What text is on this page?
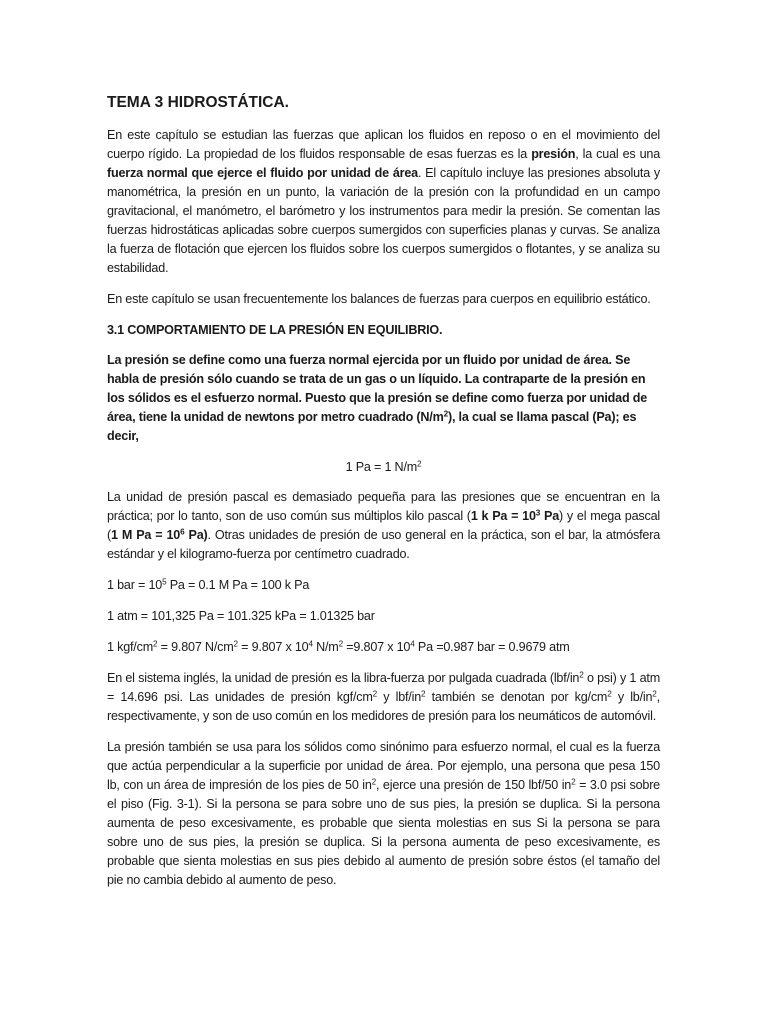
TEMA 3 HIDROSTÁTICA.

En este capítulo se estudian las fuerzas que aplican los fluidos en reposo o en el movimiento del cuerpo rígido. La propiedad de los fluidos responsable de esas fuerzas es la presión, la cual es una fuerza normal que ejerce el fluido por unidad de área. El capítulo incluye las presiones absoluta y manométrica, la presión en un punto, la variación de la presión con la profundidad en un campo gravitacional, el manómetro, el barómetro y los instrumentos para medir la presión. Se comentan las fuerzas hidrostáticas aplicadas sobre cuerpos sumergidos con superficies planas y curvas. Se analiza la fuerza de flotación que ejercen los fluidos sobre los cuerpos sumergidos o flotantes, y se analiza su estabilidad.

En este capítulo se usan frecuentemente los balances de fuerzas para cuerpos en equilibrio estático.

3.1 COMPORTAMIENTO DE LA PRESIÓN EN EQUILIBRIO.

La presión se define como una fuerza normal ejercida por un fluido por unidad de área. Se habla de presión sólo cuando se trata de un gas o un líquido. La contraparte de la presión en los sólidos es el esfuerzo normal. Puesto que la presión se define como fuerza por unidad de área, tiene la unidad de newtons por metro cuadrado $(N/m^2)$, la cual se llama pascal (Pa); es decir,

1 Pa = 1 $N/m^2$

La unidad de presión pascal es demasiado pequeña para las presiones que se encuentran en la práctica; por lo tanto, son de uso común sus múltiplos kilo pascal (1 k $Pa = 10^3$ Pa) y el mega pascal (1 M $Pa = 10^6$ Pa). Otras unidades de presión de uso general en la práctica, son el bar, la atmósfera estándar y el kilogramo-fuerza por centímetro cuadrado.

1 bar = $10^5$ Pa = 0.1 M Pa = 100 k Pa

1 atm = 101,325 Pa = 101.325 kPa = 1.01325 bar

1 kgf/$cm^2 = 9.807$ $N/cm^2 = 9.807$ x $10^4$ $N/m^2 =9.807$ x $10^4$ Pa =0.987 bar = 0.9679 atm

En el sistema inglés, la unidad de presión es la libra-fuerza por pulgada cuadrada ($lbf/in^2$ o psi) y 1 atm = 14.696 psi. Las unidades de presión kgf/$cm^2$ y lbf/$in^2$ también se denotan por $kg/cm^2$ y $lb/in^2$, respectivamente, y son de uso común en los medidores de presión para los neumáticos de automóvil.

La presión también se usa para los sólidos como sinónimo para esfuerzo normal, el cual es la fuerza que actúa perpendicular a la superficie por unidad de área. Por ejemplo, una persona que pesa 150 lb, con un área de impresión de los pies de 50 $in^2$, ejerce una presión de 150 lbf/50 $in^2 = 3.0$ psi sobre el piso (Fig. 3-1). Si la persona se para sobre uno de sus pies, la presión se duplica. Si la persona aumenta de peso excesivamente, es probable que sienta molestias en sus Si la persona se para sobre uno de sus pies, la presión se duplica. Si la persona aumenta de peso excesivamente, es probable que sienta molestias en sus pies debido al aumento de presión sobre éstos (el tamaño del pie no cambia debido al aumento de peso.
